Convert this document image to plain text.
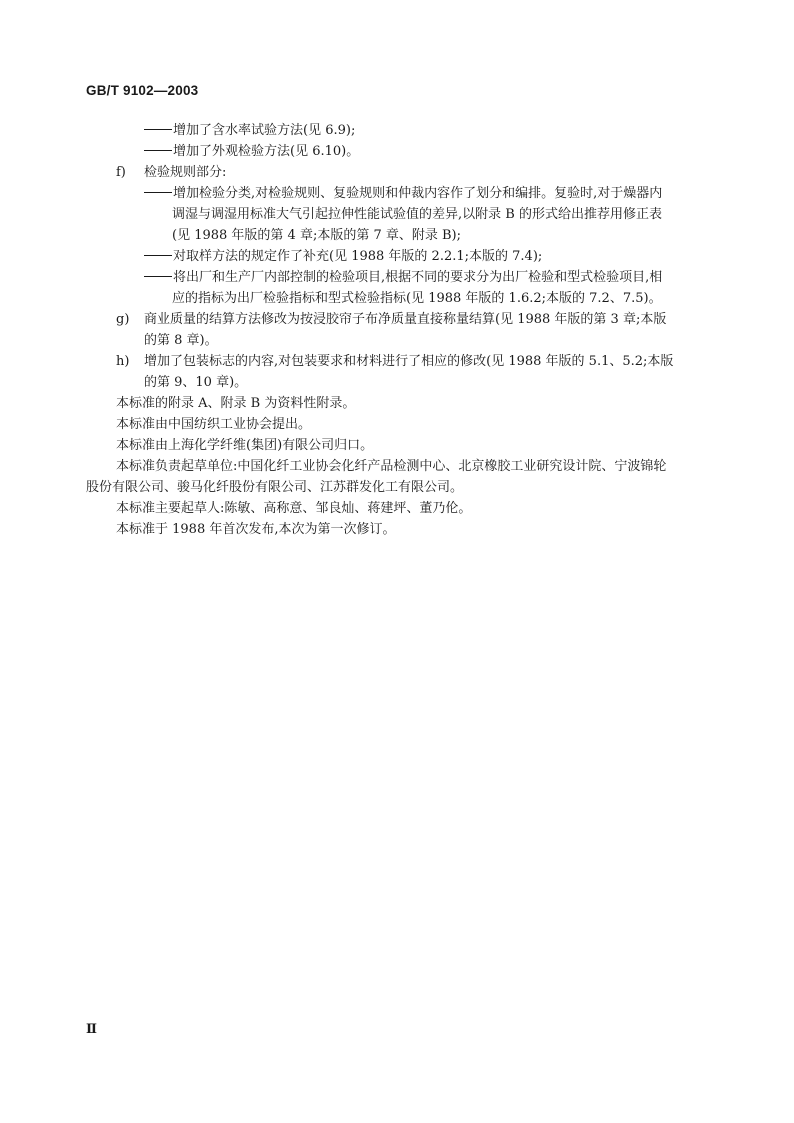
GB/T 9102—2003
增加了含水率试验方法(见 6.9);
增加了外观检验方法(见 6.10)。
f) 检验规则部分:
增加检验分类,对检验规则、复验规则和仲裁内容作了划分和编排。复验时,对于燥器内
调湿与调湿用标准大气引起拉伸性能试验值的差异,以附录 B 的形式给出推荐用修正表
(见 1988 年版的第 4 章;本版的第 7 章、附录 B);
对取样方法的规定作了补充(见 1988 年版的 2.2.1;本版的 7.4);
将出厂和生产厂内部控制的检验项目,根据不同的要求分为出厂检验和型式检验项目,相
应的指标为出厂检验指标和型式检验指标(见 1988 年版的 1.6.2;本版的 7.2、7.5)。
g) 商业质量的结算方法修改为按浸胶帘子布净质量直接称量结算(见 1988 年版的第 3 章;本版
的第 8 章)。
h) 增加了包装标志的内容,对包装要求和材料进行了相应的修改(见 1988 年版的 5.1、5.2;本版
的第 9、10 章)。
本标准的附录 A、附录 B 为资料性附录。
本标准由中国纺织工业协会提出。
本标准由上海化学纤维(集团)有限公司归口。
本标准负责起草单位:中国化纤工业协会化纤产品检测中心、北京橡胶工业研究设计院、宁波锦轮
股份有限公司、骏马化纤股份有限公司、江苏群发化工有限公司。
本标准主要起草人:陈敏、高称意、邹良灿、蒋建坪、董乃伦。
本标准于 1988 年首次发布,本次为第一次修订。
Ⅱ
